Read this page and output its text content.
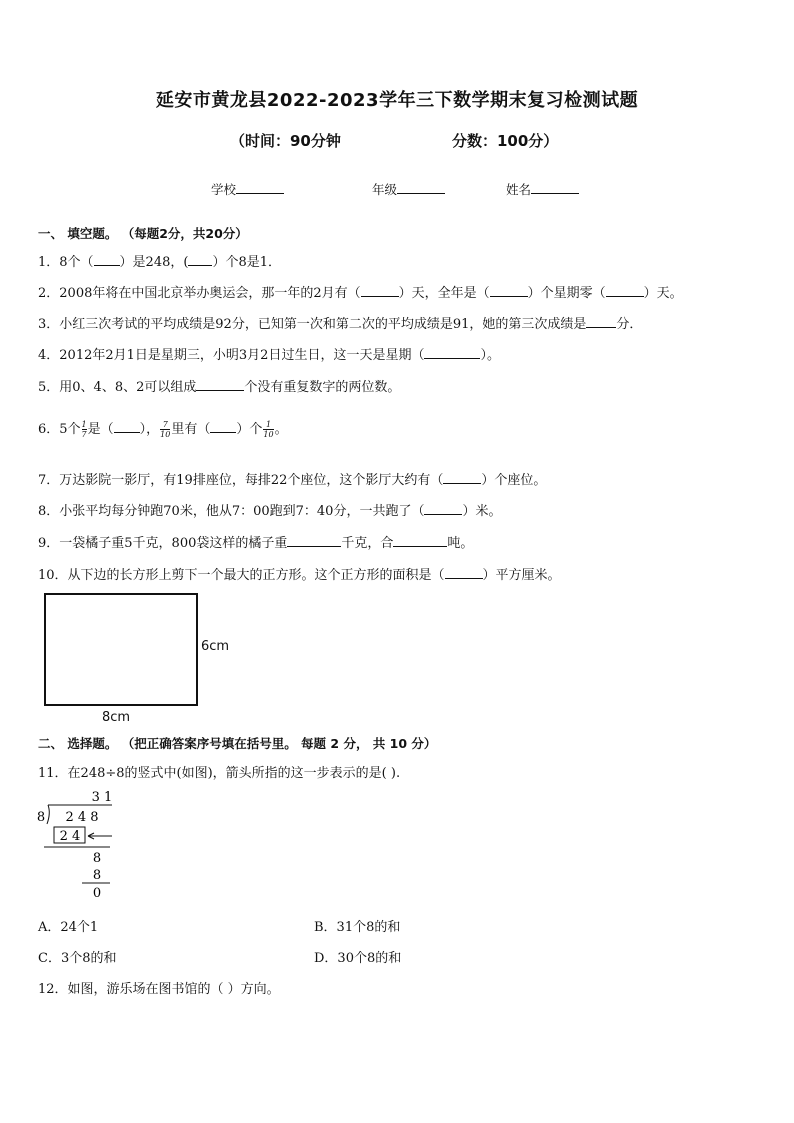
延安市黄龙县2022-2023学年三下数学期末复习检测试题
（时间：90分钟	分数：100分）
学校	年级	姓名
一、 填空题。 （每题2分，共20分）
1．8个（ ）是248，( ）个8是1．
2．2008年将在中国北京举办奥运会，那一年的2月有（	）天，全年是（	）个星期零（	）天。
3．小红三次考试的平均成绩是92分，已知第一次和第二次的平均成绩是91，她的第三次成绩是 分．
4．2012年2月1日是星期三，小明3月2日过生日，这一天是星期（	）。
5．用0、4、8、2可以组成	个没有重复数字的两位数。
6．5个 $\frac{1}{7}$ 是（ ）， $\frac{7}{10}$ 里有（ ）个 $\frac{1}{10}$ 。
7．万达影院一影厅，有19排座位，每排22个座位，这个影厅大约有（	）个座位。
8．小张平均每分钟跑70米，他从7：00跑到7：40分，一共跑了（	）米。
9．一袋橘子重5千克，800袋这样的橘子重	千克，合	吨。
10．从下边的长方形上剪下一个最大的正方形。这个正方形的面积是（	）平方厘米。
6cm
8cm
二、 选择题。 （把正确答案序号填在括号里。 每题 2 分， 共 10 分）
11．在248÷8的竖式中(如图)，箭头所指的这一步表示的是( ).
3 1
8 2 4 8
2 4
8
8
0
A．24个1	B．31个8的和
C．3个8的和	D．30个8的和
12．如图，游乐场在图书馆的（ ）方向。
